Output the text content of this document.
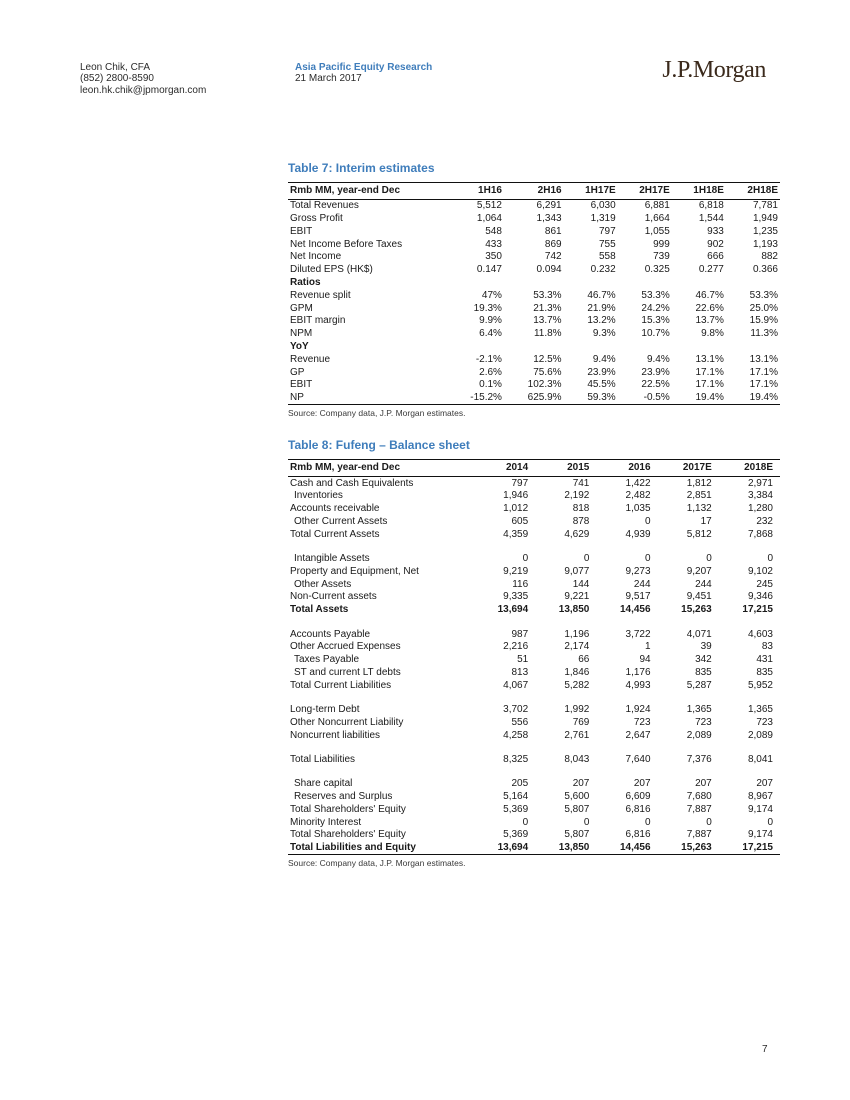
Leon Chik, CFA
(852) 2800-8590
leon.hk.chik@jpmorgan.com
Asia Pacific Equity Research
21 March 2017	J.P.Morgan
Table 7: Interim estimates
Rmb MM, year-end Dec	1H16	2H16	1H17E	2H17E	1H18E	2H18E
Total Revenues	5,512	6,291	6,030	6,881	6,818	7,781
Gross Profit	1,064	1,343	1,319	1,664	1,544	1,949
EBIT	548	861	797	1,055	933	1,235
Net Income Before Taxes	433	869	755	999	902	1,193
Net Income	350	742	558	739	666	882
Diluted EPS (HK$)	0.147	0.094	0.232	0.325	0.277	0.366
Ratios						
Revenue split	47%	53.3%	46.7%	53.3%	46.7%	53.3%
GPM	19.3%	21.3%	21.9%	24.2%	22.6%	25.0%
EBIT margin	9.9%	13.7%	13.2%	15.3%	13.7%	15.9%
NPM	6.4%	11.8%	9.3%	10.7%	9.8%	11.3%
YoY						
Revenue	-2.1%	12.5%	9.4%	9.4%	13.1%	13.1%
GP	2.6%	75.6%	23.9%	23.9%	17.1%	17.1%
EBIT	0.1%	102.3%	45.5%	22.5%	17.1%	17.1%
NP	-15.2%	625.9%	59.3%	-0.5%	19.4%	19.4%
Source: Company data, J.P. Morgan estimates.
Table 8: Fufeng – Balance sheet
Rmb MM, year-end Dec	2014	2015	2016	2017E	2018E
Cash and Cash Equivalents	797	741	1,422	1,812	2,971
Inventories	1,946	2,192	2,482	2,851	3,384
Accounts receivable	1,012	818	1,035	1,132	1,280
Other Current Assets	605	878	0	17	232
Total Current Assets	4,359	4,629	4,939	5,812	7,868

Intangible Assets	0	0	0	0	0
Property and Equipment, Net	9,219	9,077	9,273	9,207	9,102
Other Assets	116	144	244	244	245
Non-Current assets	9,335	9,221	9,517	9,451	9,346
Total Assets	13,694	13,850	14,456	15,263	17,215

Accounts Payable	987	1,196	3,722	4,071	4,603
Other Accrued Expenses	2,216	2,174	1	39	83
Taxes Payable	51	66	94	342	431
ST and current LT debts	813	1,846	1,176	835	835
Total Current Liabilities	4,067	5,282	4,993	5,287	5,952

Long-term Debt	3,702	1,992	1,924	1,365	1,365
Other Noncurrent Liability	556	769	723	723	723
Noncurrent liabilities	4,258	2,761	2,647	2,089	2,089

Total Liabilities	8,325	8,043	7,640	7,376	8,041

Share capital	205	207	207	207	207
Reserves and Surplus	5,164	5,600	6,609	7,680	8,967
Total Shareholders' Equity	5,369	5,807	6,816	7,887	9,174
Minority Interest	0	0	0	0	0
Total Shareholders' Equity	5,369	5,807	6,816	7,887	9,174
Total Liabilities and Equity	13,694	13,850	14,456	15,263	17,215
Source: Company data, J.P. Morgan estimates.
7
